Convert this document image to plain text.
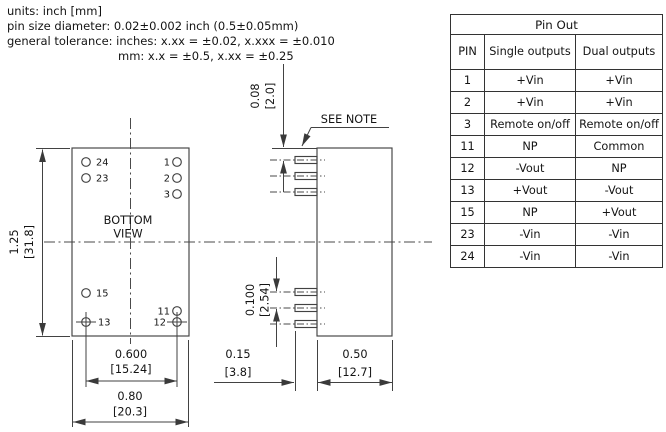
units: inch [mm]
pin size diameter: 0.02±0.002 inch (0.5±0.05mm)
general tolerance: inches: x.xx = ±0.02, x.xxx = ±0.010
mm: x.x = ±0.5, x.xx = ±0.25
24
23
15
13
1
2
3
11
12
BOTTOM
VIEW
1.25 [31.8]
0.600
[15.24]
0.80
[20.3]
0.08 [2.0]
0.100 [2.54]
SEE NOTE
0.15
[3.8]
0.50
[12.7]
Pin Out		
PIN	Single outputs	Dual outputs
1	+Vin	+Vin
2	+Vin	+Vin
3	Remote on/off	Remote on/off
11	NP	Common
12	-Vout	NP
13	+Vout	-Vout
15	NP	+Vout
23	-Vin	-Vin
24	-Vin	-Vin
